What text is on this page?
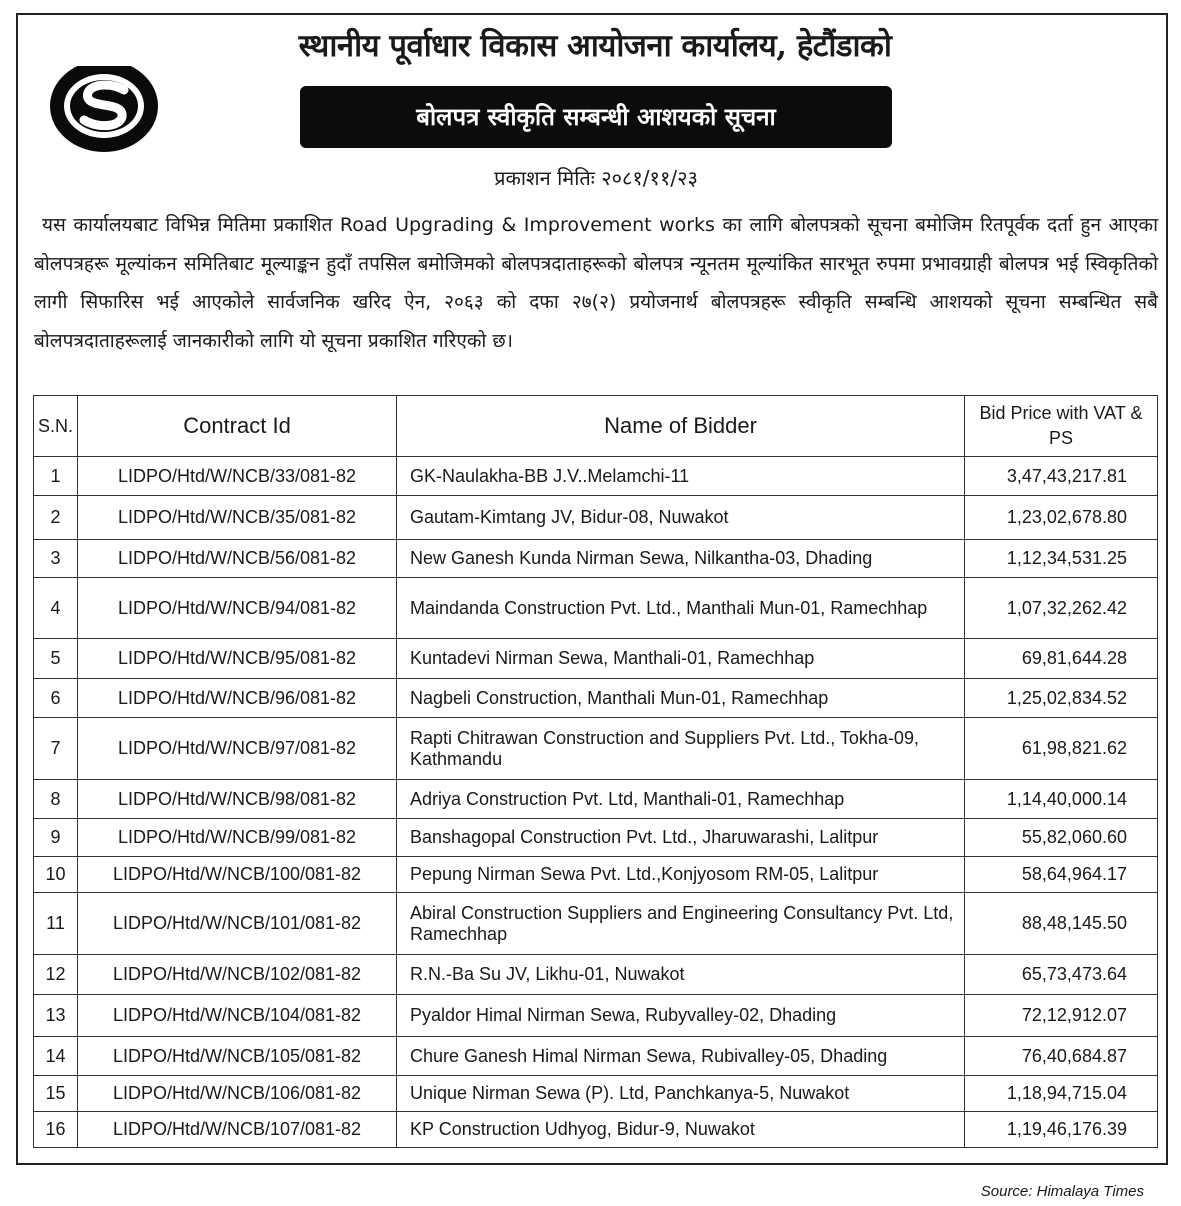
स्थानीय पूर्वाधार विकास आयोजना कार्यालय, हेटौंडाको
बोलपत्र स्वीकृति सम्बन्धी आशयको सूचना
प्रकाशन मितिः २०८१/११/२३
यस कार्यालयबाट विभिन्न मितिमा प्रकाशित Road Upgrading & Improvement works का लागि बोलपत्रको सूचना बमोजिम रितपूर्वक दर्ता हुन आएका बोलपत्रहरू मूल्यांकन समितिबाट मूल्याङ्कन हुदाँ तपसिल बमोजिमको बोलपत्रदाताहरूको बोलपत्र न्यूनतम मूल्यांकित सारभूत रुपमा प्रभावग्राही बोलपत्र भई स्विकृतिको लागी सिफारिस भई आएकोले सार्वजनिक खरिद ऐन, २०६३ को दफा २७(२) प्रयोजनार्थ बोलपत्रहरू स्वीकृति सम्बन्धि आशयको सूचना सम्बन्धित सबै बोलपत्रदाताहरूलाई जानकारीको लागि यो सूचना प्रकाशित गरिएको छ।
S.N.	Contract Id	Name of Bidder	Bid Price with VAT & PS
1	LIDPO/Htd/W/NCB/33/081-82	GK-Naulakha-BB J.V..Melamchi-11	3,47,43,217.81
2	LIDPO/Htd/W/NCB/35/081-82	Gautam-Kimtang JV, Bidur-08, Nuwakot	1,23,02,678.80
3	LIDPO/Htd/W/NCB/56/081-82	New Ganesh Kunda Nirman Sewa, Nilkantha-03, Dhading	1,12,34,531.25
4	LIDPO/Htd/W/NCB/94/081-82	Maindanda Construction Pvt. Ltd., Manthali Mun-01, Ramechhap	1,07,32,262.42
5	LIDPO/Htd/W/NCB/95/081-82	Kuntadevi Nirman Sewa, Manthali-01, Ramechhap	69,81,644.28
6	LIDPO/Htd/W/NCB/96/081-82	Nagbeli Construction, Manthali Mun-01, Ramechhap	1,25,02,834.52
7	LIDPO/Htd/W/NCB/97/081-82	Rapti Chitrawan Construction and Suppliers Pvt. Ltd., Tokha-09, Kathmandu	61,98,821.62
8	LIDPO/Htd/W/NCB/98/081-82	Adriya Construction Pvt. Ltd, Manthali-01, Ramechhap	1,14,40,000.14
9	LIDPO/Htd/W/NCB/99/081-82	Banshagopal Construction Pvt. Ltd., Jharuwarashi, Lalitpur	55,82,060.60
10	LIDPO/Htd/W/NCB/100/081-82	Pepung Nirman Sewa Pvt. Ltd.,Konjyosom RM-05, Lalitpur	58,64,964.17
11	LIDPO/Htd/W/NCB/101/081-82	Abiral Construction Suppliers and Engineering Consultancy Pvt. Ltd, Ramechhap	88,48,145.50
12	LIDPO/Htd/W/NCB/102/081-82	R.N.-Ba Su JV, Likhu-01, Nuwakot	65,73,473.64
13	LIDPO/Htd/W/NCB/104/081-82	Pyaldor Himal Nirman Sewa, Rubyvalley-02, Dhading	72,12,912.07
14	LIDPO/Htd/W/NCB/105/081-82	Chure Ganesh Himal Nirman Sewa, Rubivalley-05, Dhading	76,40,684.87
15	LIDPO/Htd/W/NCB/106/081-82	Unique Nirman Sewa (P). Ltd, Panchkanya-5, Nuwakot	1,18,94,715.04
16	LIDPO/Htd/W/NCB/107/081-82	KP Construction Udhyog, Bidur-9, Nuwakot	1,19,46,176.39
Source: Himalaya Times
